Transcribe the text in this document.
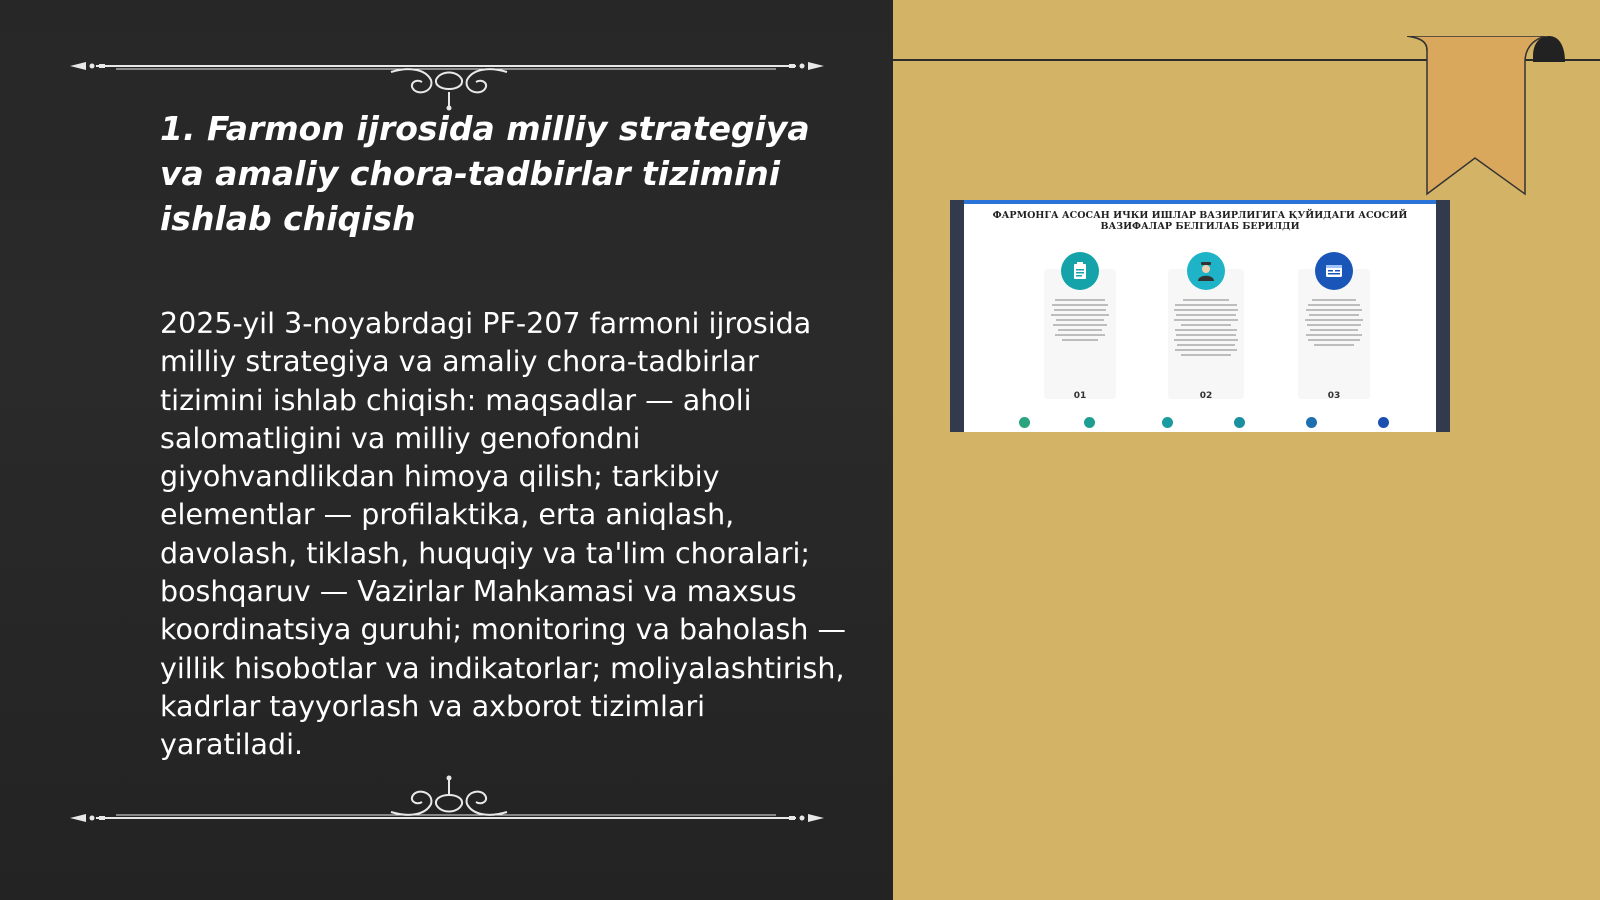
1. Farmon ijrosida milliy strategiya va amaliy chora-tadbirlar tizimini ishlab chiqish

2025-yil 3-noyabrdagi PF-207 farmoni ijrosida milliy strategiya va amaliy chora-tadbirlar tizimini ishlab chiqish: maqsadlar — aholi salomatligini va milliy genofondni giyohvandlikdan himoya qilish; tarkibiy elementlar — profilaktika, erta aniqlash, davolash, tiklash, huquqiy va ta'lim choralari; boshqaruv — Vazirlar Mahkamasi va maxsus koordinatsiya guruhi; monitoring va baholash — yillik hisobotlar va indikatorlar; moliyalashtirish, kadrlar tayyorlash va axborot tizimlari yaratiladi.

ФАРМОНГА АСОСАН ИЧКИ ИШЛАР ВАЗИРЛИГИГА ҚУЙИДАГИ АСОСИЙ ВАЗИФАЛАР БЕЛГИЛАБ БЕРИЛДИ
01	02	03
